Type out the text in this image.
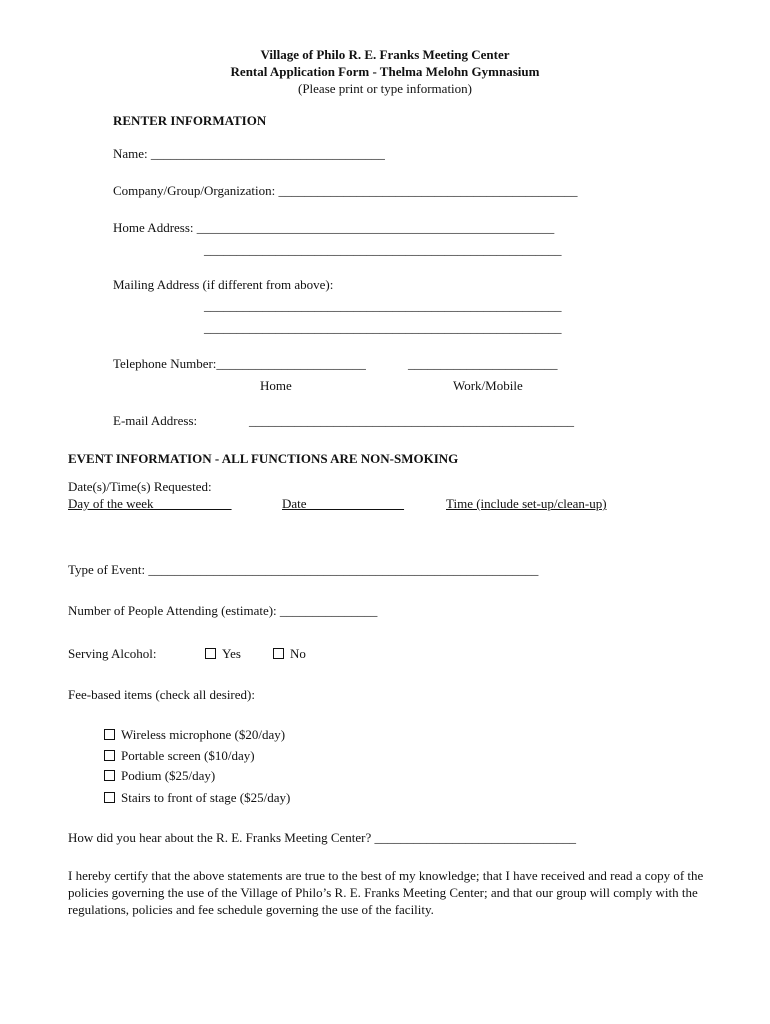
Village of Philo R. E. Franks Meeting Center
Rental Application Form - Thelma Melohn Gymnasium
(Please print or type information)
RENTER INFORMATION
Name: ____________________________________
Company/Group/Organization: ______________________________________________
Home Address: _______________________________________________________
_______________________________________________________
Mailing Address (if different from above):
_______________________________________________________
_______________________________________________________
Telephone Number:_______________________	_______________________
Home	Work/Mobile
E-mail Address:	__________________________________________________
EVENT INFORMATION - ALL FUNCTIONS ARE NON-SMOKING
Date(s)/Time(s) Requested:
Day of the week	Date	Time (include set-up/clean-up)
Type of Event: ____________________________________________________________
Number of People Attending (estimate): _______________
Serving Alcohol:	Yes	No
Fee-based items (check all desired):
Wireless microphone ($20/day)
Portable screen ($10/day)
Podium ($25/day)
Stairs to front of stage ($25/day)
How did you hear about the R. E. Franks Meeting Center? _______________________________
I hereby certify that the above statements are true to the best of my knowledge; that I have received and read a copy of the policies governing the use of the Village of Philo’s R. E. Franks Meeting Center; and that our group will comply with the regulations, policies and fee schedule governing the use of the facility.
